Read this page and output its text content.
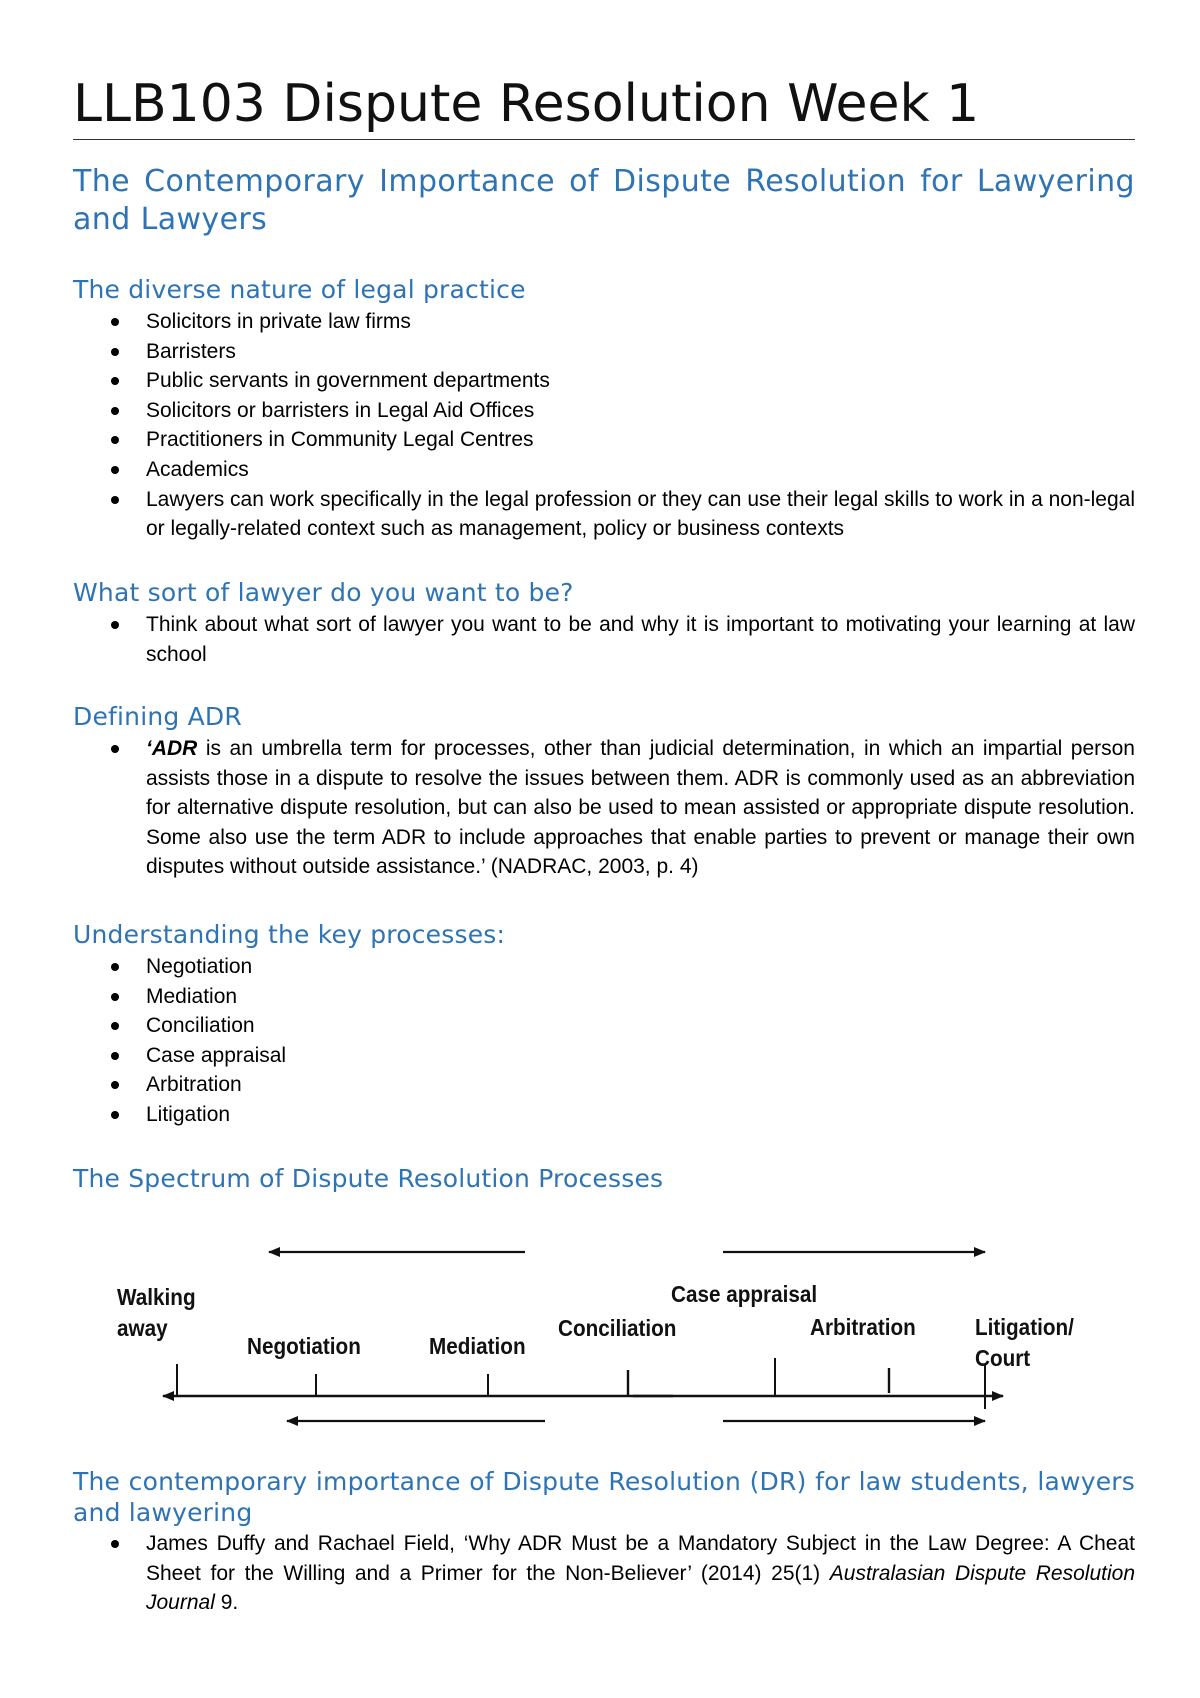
LLB103 Dispute Resolution Week 1
The Contemporary Importance of Dispute Resolution for Lawyering and Lawyers
The diverse nature of legal practice
Solicitors in private law firms
Barristers
Public servants in government departments
Solicitors or barristers in Legal Aid Offices
Practitioners in Community Legal Centres
Academics
Lawyers can work specifically in the legal profession or they can use their legal skills to work in a non-legal or legally-related context such as management, policy or business contexts
What sort of lawyer do you want to be?
Think about what sort of lawyer you want to be and why it is important to motivating your learning at law school
Defining ADR
‘ADR is an umbrella term for processes, other than judicial determination, in which an impartial person assists those in a dispute to resolve the issues between them. ADR is commonly used as an abbreviation for alternative dispute resolution, but can also be used to mean assisted or appropriate dispute resolution. Some also use the term ADR to include approaches that enable parties to prevent or manage their own disputes without outside assistance.’ (NADRAC, 2003, p. 4)
Understanding the key processes:
Negotiation
Mediation
Conciliation
Case appraisal
Arbitration
Litigation
The Spectrum of Dispute Resolution Processes
Walking
away
Negotiation	Mediation
Conciliation
Case appraisal
Arbitration	Litigation/
Court
The contemporary importance of Dispute Resolution (DR) for law students, lawyers and lawyering
James Duffy and Rachael Field, ‘Why ADR Must be a Mandatory Subject in the Law Degree: A Cheat Sheet for the Willing and a Primer for the Non-Believer’ (2014) 25(1) Australasian Dispute Resolution Journal 9.
